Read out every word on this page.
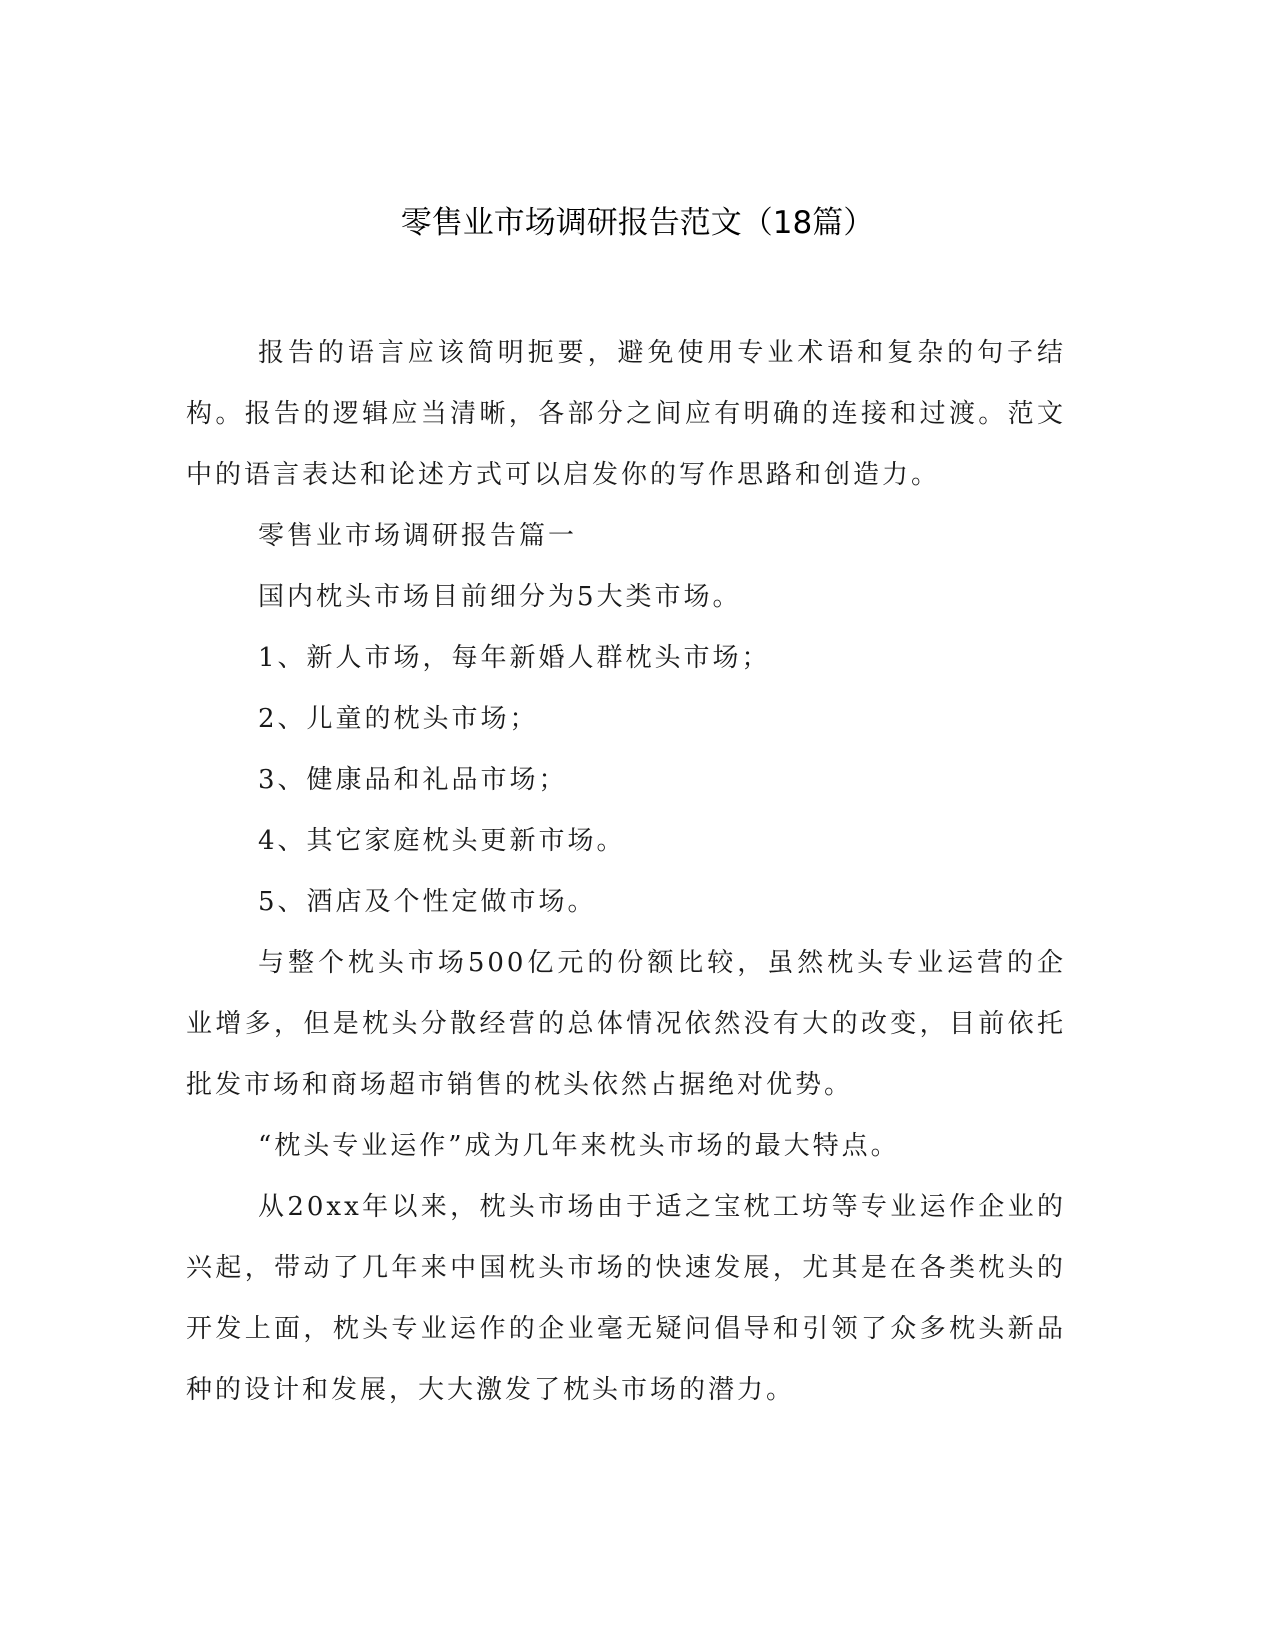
零售业市场调研报告范文（18篇）

报告的语言应该简明扼要，避免使用专业术语和复杂的句子结构。报告的逻辑应当清晰，各部分之间应有明确的连接和过渡。范文中的语言表达和论述方式可以启发你的写作思路和创造力。

零售业市场调研报告篇一

国内枕头市场目前细分为5大类市场。

1、新人市场，每年新婚人群枕头市场；

2、儿童的枕头市场；

3、健康品和礼品市场；

4、其它家庭枕头更新市场。

5、酒店及个性定做市场。

与整个枕头市场500亿元的份额比较，虽然枕头专业运营的企业增多，但是枕头分散经营的总体情况依然没有大的改变，目前依托批发市场和商场超市销售的枕头依然占据绝对优势。

“枕头专业运作”成为几年来枕头市场的最大特点。

从20xx年以来，枕头市场由于适之宝枕工坊等专业运作企业的兴起，带动了几年来中国枕头市场的快速发展，尤其是在各类枕头的开发上面，枕头专业运作的企业毫无疑问倡导和引领了众多枕头新品种的设计和发展，大大激发了枕头市场的潜力。
